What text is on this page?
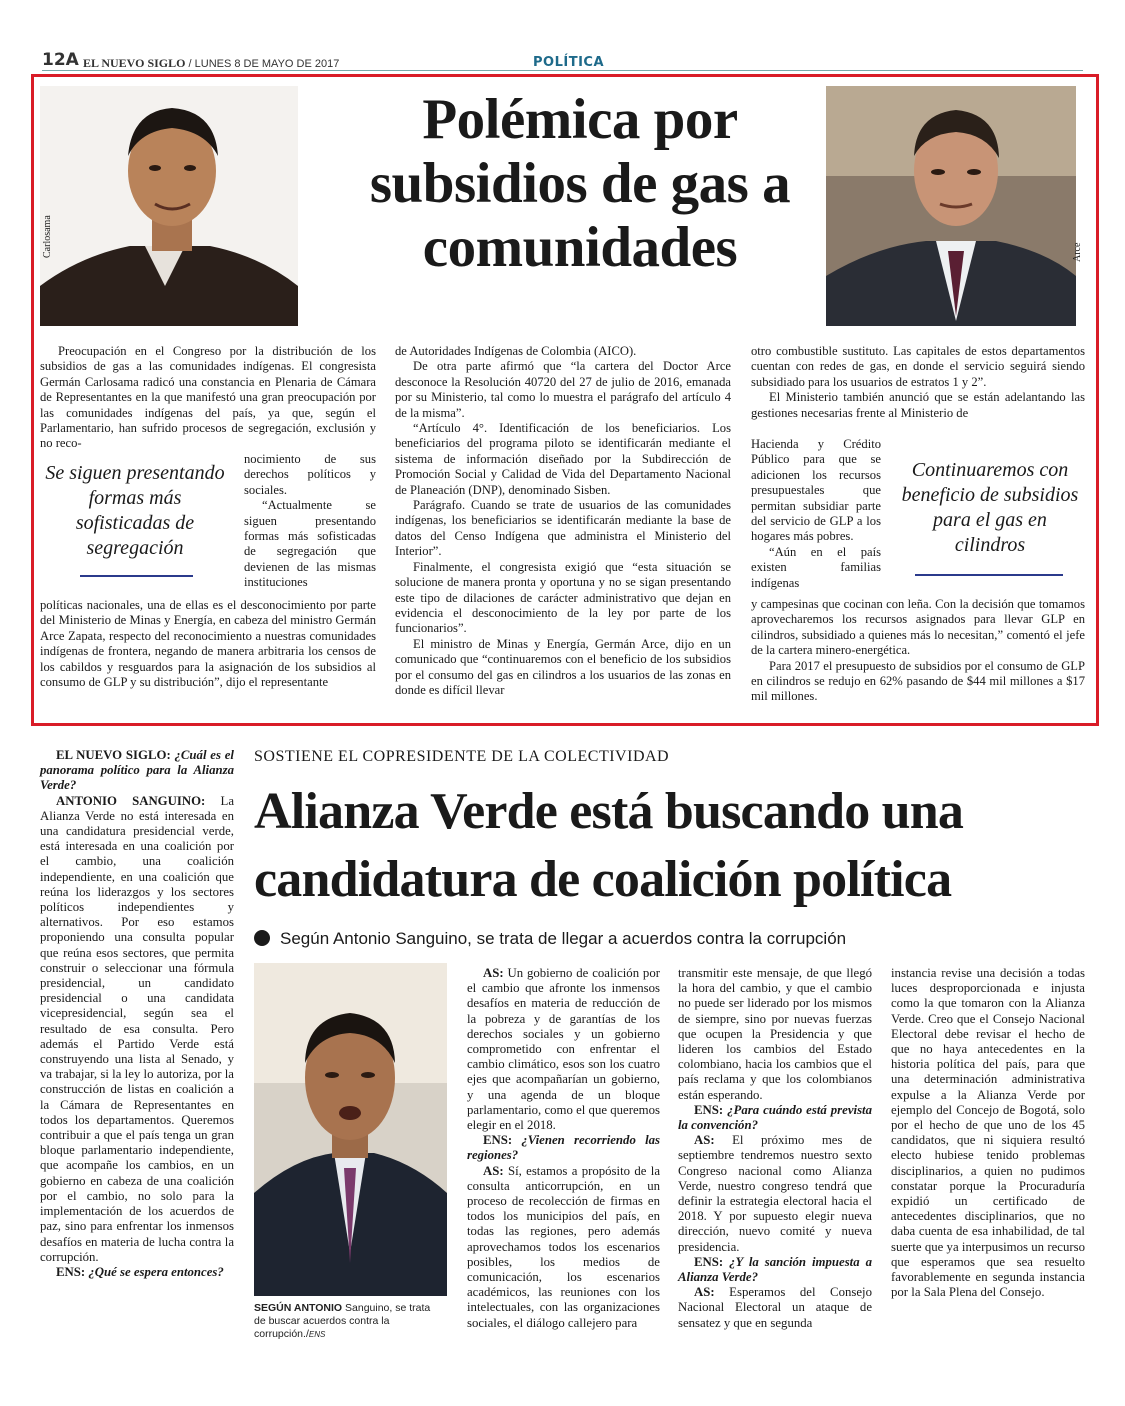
12A EL NUEVO SIGLO / LUNES 8 DE MAYO DE 2017	POLÍTICA
Carlosama
Polémica por subsidios de gas a comunidades	Arce

Preocupación en el Congreso por la distribución de los subsidios de gas a las comunidades indígenas. El congresista Germán Carlosama radicó una constancia en Plenaria de Cámara de Representantes en la que manifestó una gran preocupación por las comunidades indígenas del país, ya que, según el Parlamentario, han sufrido procesos de segregación, exclusión y no reco-

Se siguen presentando formas más sofisticadas de segregación

nocimiento de sus derechos políticos y sociales.

“Actualmente se siguen presentando formas más sofisticadas de segregación que devienen de las mismas instituciones

políticas nacionales, una de ellas es el desconocimiento por parte del Ministerio de Minas y Energía, en cabeza del ministro Germán Arce Zapata, respecto del reconocimiento a nuestras comunidades indígenas de frontera, negando de manera arbitraria los censos de los cabildos y resguardos para la asignación de los subsidios al consumo de GLP y su distribución”, dijo el representante

de Autoridades Indígenas de Colombia (AICO).

De otra parte afirmó que “la cartera del Doctor Arce desconoce la Resolución 40720 del 27 de julio de 2016, emanada por su Ministerio, tal como lo muestra el parágrafo del artículo 4 de la misma”.

“Artículo 4°. Identificación de los beneficiarios. Los beneficiarios del programa piloto se identificarán mediante el sistema de información diseñado por la Subdirección de Promoción Social y Calidad de Vida del Departamento Nacional de Planeación (DNP), denominado Sisben.

Parágrafo. Cuando se trate de usuarios de las comunidades indígenas, los beneficiarios se identificarán mediante la base de datos del Censo Indígena que administra el Ministerio del Interior”.

Finalmente, el congresista exigió que “esta situación se solucione de manera pronta y oportuna y no se sigan presentando este tipo de dilaciones de carácter administrativo que dejan en evidencia el desconocimiento de la ley por parte de los funcionarios”.

El ministro de Minas y Energía, Germán Arce, dijo en un comunicado que “continuaremos con el beneficio de los subsidios por el consumo del gas en cilindros a los usuarios de las zonas en donde es difícil llevar

otro combustible sustituto. Las capitales de estos departamentos cuentan con redes de gas, en donde el servicio seguirá siendo subsidiado para los usuarios de estratos 1 y 2”.

El Ministerio también anunció que se están adelantando las gestiones necesarias frente al Ministerio de

Hacienda y Crédito Público para que se adicionen los recursos presupuestales que permitan subsidiar parte del servicio de GLP a los hogares más pobres.

“Aún en el país existen familias indígenas

Continuaremos con beneficio de subsidios para el gas en cilindros

y campesinas que cocinan con leña. Con la decisión que tomamos aprovecharemos los recursos asignados para llevar GLP en cilindros, subsidiado a quienes más lo necesitan,” comentó el jefe de la cartera minero-energética.

Para 2017 el presupuesto de subsidios por el consumo de GLP en cilindros se redujo en 62% pasando de $44 mil millones a $17 mil millones.

EL NUEVO SIGLO: ¿Cuál es el panorama político para la Alianza Verde?

ANTONIO SANGUINO: La Alianza Verde no está interesada en una candidatura presidencial verde, está interesada en una coalición por el cambio, una coalición independiente, en una coalición que reúna los liderazgos y los sectores políticos independientes y alternativos. Por eso estamos proponiendo una consulta popular que reúna esos sectores, que permita construir o seleccionar una fórmula presidencial, un candidato presidencial o una candidata vicepresidencial, según sea el resultado de esa consulta. Pero además el Partido Verde está construyendo una lista al Senado, y va trabajar, si la ley lo autoriza, por la construcción de listas en coalición a la Cámara de Representantes en todos los departamentos. Queremos contribuir a que el país tenga un gran bloque parlamentario independiente, que acompañe los cambios, en un gobierno en cabeza de una coalición por el cambio, no solo para la implementación de los acuerdos de paz, sino para enfrentar los inmensos desafíos en materia de lucha contra la corrupción.

ENS: ¿Qué se espera entonces?

SOSTIENE EL COPRESIDENTE DE LA COLECTIVIDAD
Alianza Verde está buscando una candidatura de coalición política
Según Antonio Sanguino, se trata de llegar a acuerdos contra la corrupción
SEGÚN ANTONIO Sanguino, se trata de buscar acuerdos contra la corrupción./ENS

AS: Un gobierno de coalición por el cambio que afronte los inmensos desafíos en materia de reducción de la pobreza y de garantías de los derechos sociales y un gobierno comprometido con enfrentar el cambio climático, esos son los cuatro ejes que acompañarían un gobierno, y una agenda de un bloque parlamentario, como el que queremos elegir en el 2018.

ENS: ¿Vienen recorriendo las regiones?

AS: Sí, estamos a propósito de la consulta anticorrupción, en un proceso de recolección de firmas en todos los municipios del país, en todas las regiones, pero además aprovechamos todos los escenarios posibles, los medios de comunicación, los escenarios académicos, las reuniones con los intelectuales, con las organizaciones sociales, el diálogo callejero para

transmitir este mensaje, de que llegó la hora del cambio, y que el cambio no puede ser liderado por los mismos de siempre, sino por nuevas fuerzas que ocupen la Presidencia y que lideren los cambios del Estado colombiano, hacia los cambios que el país reclama y que los colombianos están esperando.

ENS: ¿Para cuándo está prevista la convención?

AS: El próximo mes de septiembre tendremos nuestro sexto Congreso nacional como Alianza Verde, nuestro congreso tendrá que definir la estrategia electoral hacia el 2018. Y por supuesto elegir nueva dirección, nuevo comité y nueva presidencia.

ENS: ¿Y la sanción impuesta a Alianza Verde?

AS: Esperamos del Consejo Nacional Electoral un ataque de sensatez y que en segunda

instancia revise una decisión a todas luces desproporcionada e injusta como la que tomaron con la Alianza Verde. Creo que el Consejo Nacional Electoral debe revisar el hecho de que no haya antecedentes en la historia política del país, para que una determinación administrativa expulse a la Alianza Verde por ejemplo del Concejo de Bogotá, solo por el hecho de que uno de los 45 candidatos, que ni siquiera resultó electo hubiese tenido problemas disciplinarios, a quien no pudimos constatar porque la Procuraduría expidió un certificado de antecedentes disciplinarios, que no daba cuenta de esa inhabilidad, de tal suerte que ya interpusimos un recurso que esperamos que sea resuelto favorablemente en segunda instancia por la Sala Plena del Consejo.
